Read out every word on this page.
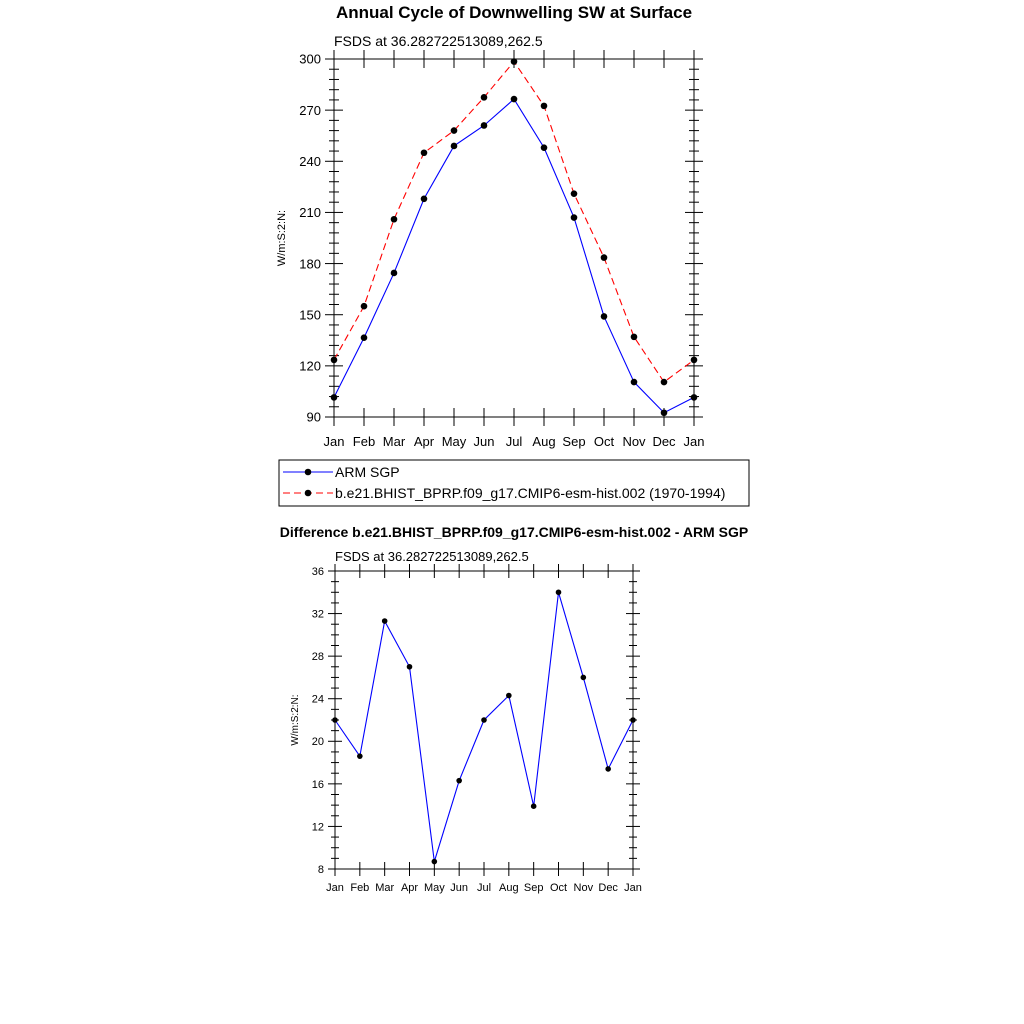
Annual Cycle of Downwelling SW at Surface
FSDS at 36.282722513089,262.5
90
120
150
180
210
240
270
300
Jan Feb Mar Apr May Jun Jul Aug Sep Oct Nov Dec Jan
W/m:S:2:N:
ARM SGP
b.e21.BHIST_BPRP.f09_g17.CMIP6-esm-hist.002 (1970-1994)
Difference b.e21.BHIST_BPRP.f09_g17.CMIP6-esm-hist.002 - ARM SGP
FSDS at 36.282722513089,262.5
8
12
16
20
24
28
32
36
Jan Feb Mar Apr May Jun Jul Aug Sep Oct Nov Dec Jan
W/m:S:2:N:
